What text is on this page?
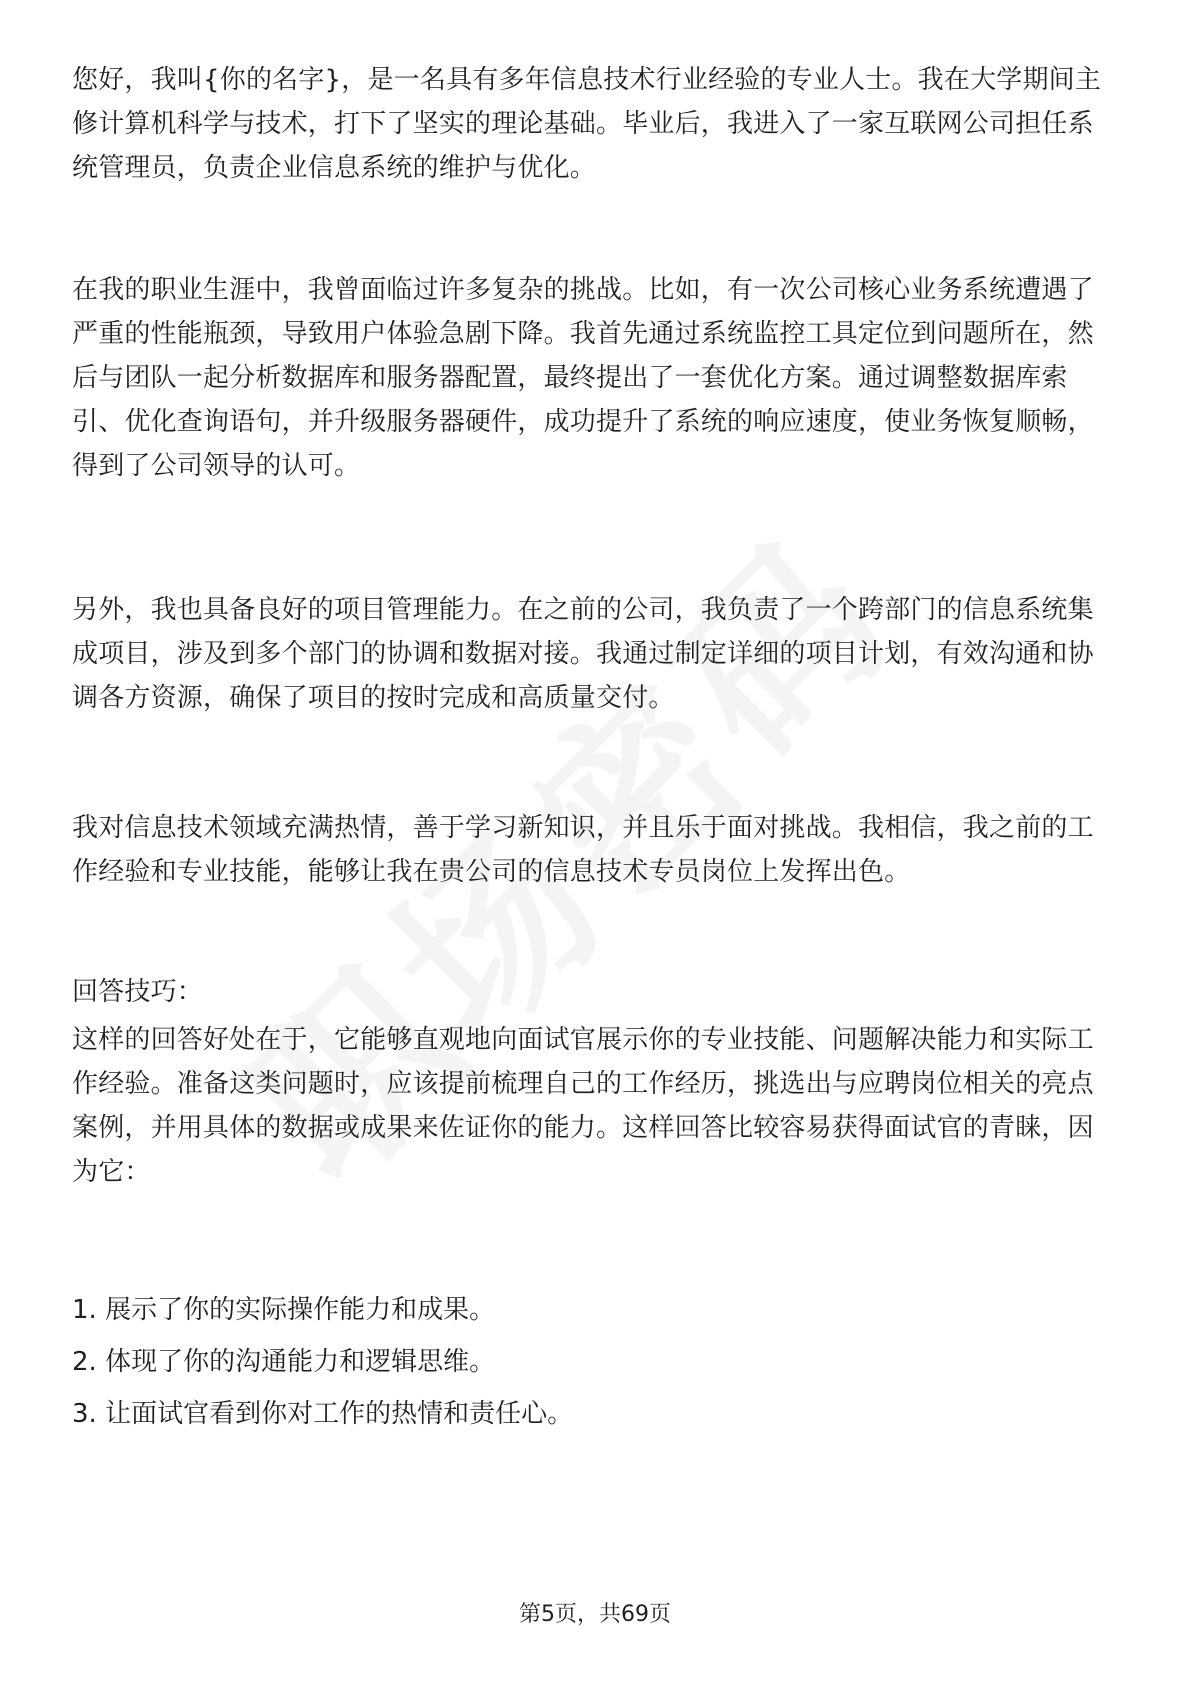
您好，我叫{你的名字}，是一名具有多年信息技术行业经验的专业人士。我在大学期间主修计算机科学与技术，打下了坚实的理论基础。毕业后，我进入了一家互联网公司担任系统管理员，负责企业信息系统的维护与优化。

在我的职业生涯中，我曾面临过许多复杂的挑战。比如，有一次公司核心业务系统遭遇了严重的性能瓶颈，导致用户体验急剧下降。我首先通过系统监控工具定位到问题所在，然后与团队一起分析数据库和服务器配置，最终提出了一套优化方案。通过调整数据库索引、优化查询语句，并升级服务器硬件，成功提升了系统的响应速度，使业务恢复顺畅，得到了公司领导的认可。

另外，我也具备良好的项目管理能力。在之前的公司，我负责了一个跨部门的信息系统集成项目，涉及到多个部门的协调和数据对接。我通过制定详细的项目计划，有效沟通和协调各方资源，确保了项目的按时完成和高质量交付。

我对信息技术领域充满热情，善于学习新知识，并且乐于面对挑战。我相信，我之前的工作经验和专业技能，能够让我在贵公司的信息技术专员岗位上发挥出色。

回答技巧：

这样的回答好处在于，它能够直观地向面试官展示你的专业技能、问题解决能力和实际工作经验。准备这类问题时，应该提前梳理自己的工作经历，挑选出与应聘岗位相关的亮点案例，并用具体的数据或成果来佐证你的能力。这样回答比较容易获得面试官的青睐，因为它：

1. 展示了你的实际操作能力和成果。

2. 体现了你的沟通能力和逻辑思维。

3. 让面试官看到你对工作的热情和责任心。

第5页，共69页
